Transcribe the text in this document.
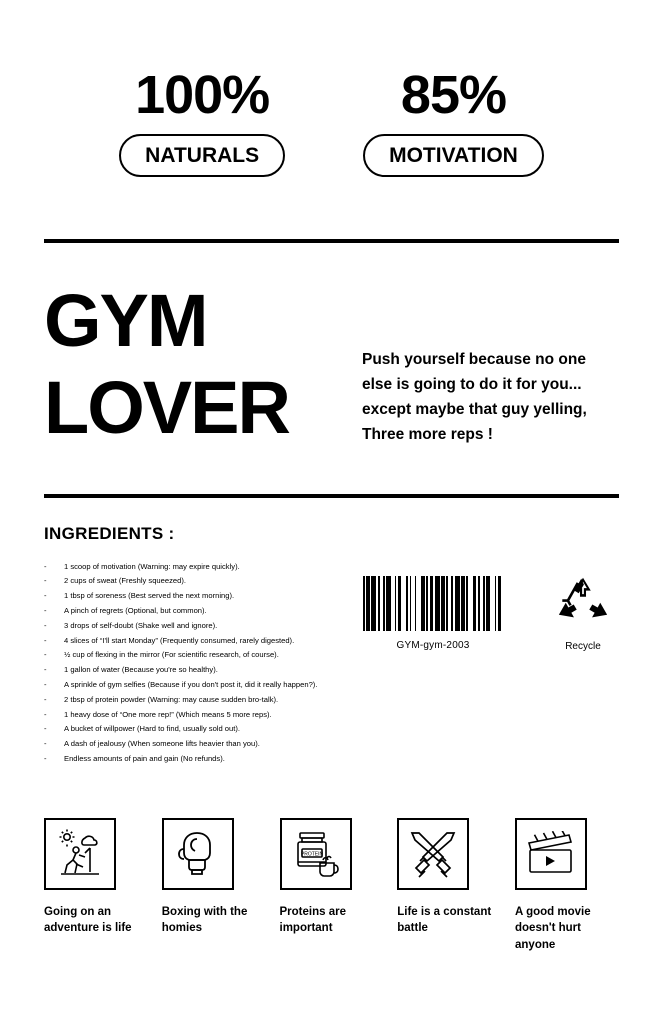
100%
NATURALS
85%
MOTIVATION
GYM
LOVER
Push yourself because no one else is going to do it for you... except maybe that guy yelling, Three more reps !
INGREDIENTS :
-	1 scoop of motivation (Warning: may expire quickly).
-	2 cups of sweat (Freshly squeezed).
-	1 tbsp of soreness (Best served the next morning).
-	A pinch of regrets (Optional, but common).
-	3 drops of self-doubt (Shake well and ignore).
-	4 slices of “I'll start Monday” (Frequently consumed, rarely digested).
-	½ cup of flexing in the mirror (For scientific research, of course).
-	1 gallon of water (Because you're so healthy).
-	A sprinkle of gym selfies (Because if you don't post it, did it really happen?).
-	2 tbsp of protein powder (Warning: may cause sudden bro-talk).
-	1 heavy dose of “One more rep!” (Which means 5 more reps).
-	A bucket of willpower (Hard to find, usually sold out).
-	A dash of jealousy (When someone lifts heavier than you).
-	Endless amounts of pain and gain (No refunds).
GYM-gym-2003	Recycle
Going on an adventure is life
Boxing with the homies
PROTEIN
Proteins are important
Life is a constant battle
A good movie doesn't hurt anyone
